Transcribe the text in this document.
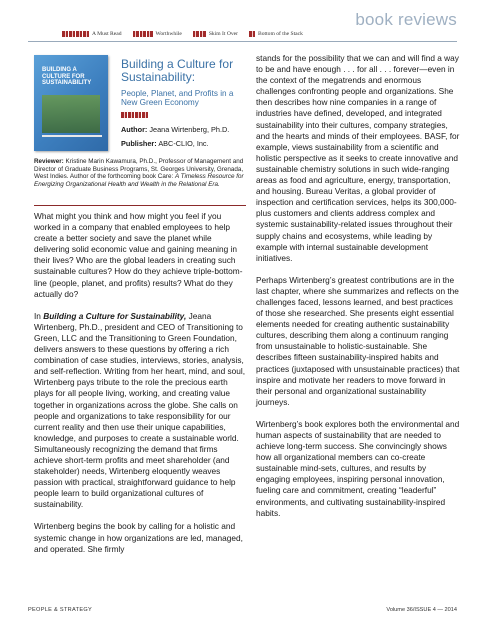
book reviews
A Must Read	Worthwhile	Skim It Over	Bottom of the Stack
BUILDING A CULTURE FOR SUSTAINABILITY
Building a Culture for Sustainability:
People, Planet, and Profits in a New Green Economy
Author: Jeana Wirtenberg, Ph.D.
Publisher: ABC-CLIO, Inc.
Reviewer: Kristine Marin Kawamura, Ph.D., Professor of Management and Director of Graduate Business Programs, St. Georges University, Grenada, West Indies. Author of the forthcoming book Care: A Timeless Resource for Energizing Organizational Health and Wealth in the Relational Era.

What might you think and how might you feel if you worked in a company that enabled employees to help create a better society and save the planet while delivering solid economic value and gaining meaning in their lives? Who are the global leaders in creating such sustainable cultures? How do they achieve triple-bottom-line (people, planet, and profits) results? What do they actually do?

In Building a Culture for Sustainability, Jeana Wirtenberg, Ph.D., president and CEO of Transitioning to Green, LLC and the Transitioning to Green Foundation, delivers answers to these questions by offering a rich combination of case studies, interviews, stories, analysis, and self-reflection. Writing from her heart, mind, and soul, Wirtenberg pays tribute to the role the precious earth plays for all people living, working, and creating value together in organizations across the globe. She calls on people and organizations to take responsibility for our current reality and then use their unique capabilities, knowledge, and purposes to create a sustainable world. Simultaneously recognizing the demand that firms achieve short-term profits and meet shareholder (and stakeholder) needs, Wirtenberg eloquently weaves passion with practical, straightforward guidance to help people learn to build organizational cultures of sustainability.

Wirtenberg begins the book by calling for a holistic and systemic change in how organizations are led, managed, and operated. She firmly

stands for the possibility that we can and will find a way to be and have enough . . . for all . . . forever—even in the context of the megatrends and enormous challenges confronting people and organizations. She then describes how nine companies in a range of industries have defined, developed, and integrated sustainability into their cultures, company strategies, and the hearts and minds of their employees. BASF, for example, views sustainability from a scientific and holistic perspective as it seeks to create innovative and sustainable chemistry solutions in such wide-ranging areas as food and agriculture, energy, transportation, and housing. Bureau Veritas, a global provider of inspection and certification services, helps its 300,000-plus customers and clients address complex and systemic sustainability-related issues throughout their supply chains and ecosystems, while leading by example with internal sustainable development initiatives.

Perhaps Wirtenberg’s greatest contributions are in the last chapter, where she summarizes and reflects on the challenges faced, lessons learned, and best practices of those she researched. She presents eight essential elements needed for creating authentic sustainability cultures, describing them along a continuum ranging from unsustainable to holistic-sustainable. She describes fifteen sustainability-inspired habits and practices (juxtaposed with unsustainable practices) that inspire and motivate her readers to move forward in their personal and organizational sustainability journeys.

Wirtenberg’s book explores both the environmental and human aspects of sustainability that are needed to achieve long-term success. She convincingly shows how all organizational members can co-create sustainable mind-sets, cultures, and results by engaging employees, inspiring personal innovation, fueling care and commitment, creating “leaderful” environments, and cultivating sustainability-inspired habits.

PEOPLE & STRATEGY	Volume 36/ISSUE 4 — 2014
